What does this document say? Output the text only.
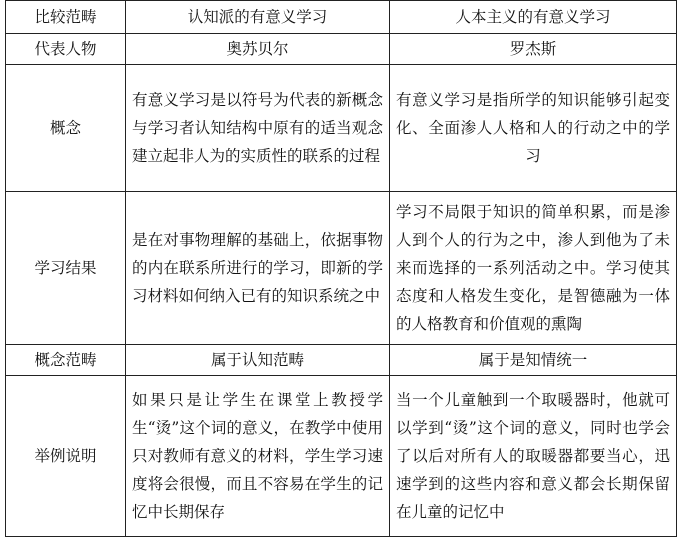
比较范畴	认知派的有意义学习	人本主义的有意义学习
代表人物	奥苏贝尔	罗杰斯
概念	有意义学习是以符号为代表的新概念与学习者认知结构中原有的适当观念建立起非人为的实质性的联系的过程	有意义学习是指所学的知识能够引起变化、全面渗人人格和人的行动之中的学习
学习结果	是在对事物理解的基础上，依据事物的内在联系所进行的学习，即新的学习材料如何纳入已有的知识系统之中	学习不局限于知识的简单积累，而是渗人到个人的行为之中，渗人到他为了未来而选择的一系列活动之中。学习使其态度和人格发生变化，是智德融为一体的人格教育和价值观的熏陶
概念范畴	属于认知范畴	属于是知情统一
举例说明	如果只是让学生在课堂上教授学生“烫”这个词的意义，在教学中使用只对教师有意义的材料，学生学习速度将会很慢，而且不容易在学生的记忆中长期保存	当一个儿童触到一个取暖器时，他就可以学到“烫”这个词的意义，同时也学会了以后对所有人的取暖器都要当心，迅速学到的这些内容和意义都会长期保留在儿童的记忆中
